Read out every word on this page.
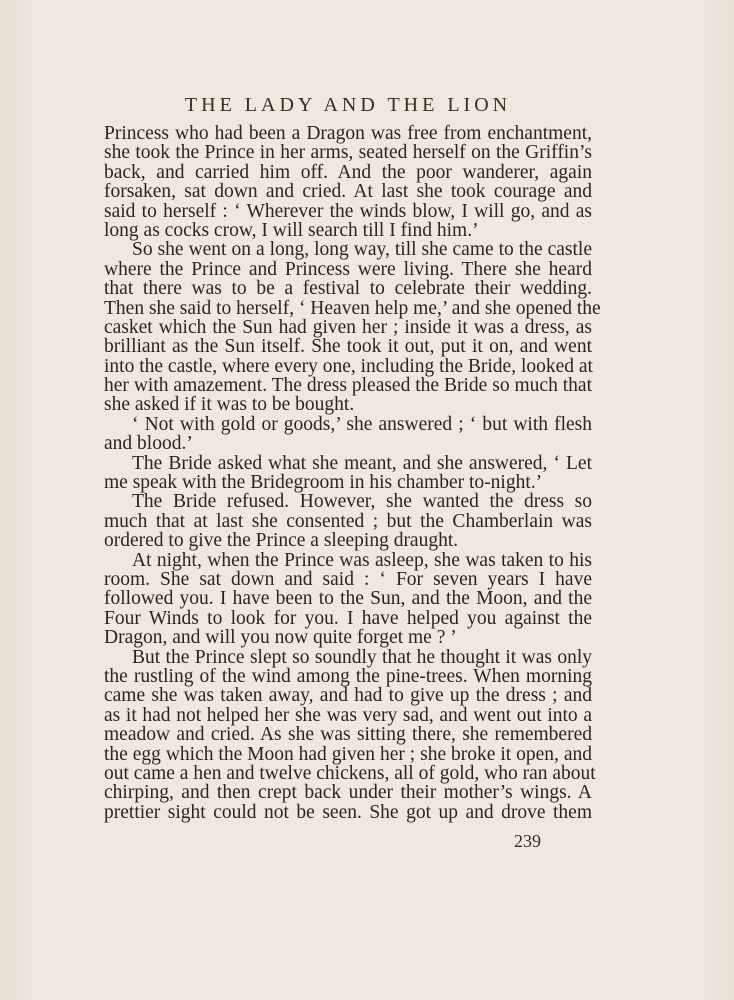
THE LADY AND THE LION
Princess who had been a Dragon was free from enchantment,
she took the Prince in her arms, seated herself on the Griffin’s
back, and carried him off. And the poor wanderer, again
forsaken, sat down and cried. At last she took courage and
said to herself : ‘ Wherever the winds blow, I will go, and as
long as cocks crow, I will search till I find him.’
So she went on a long, long way, till she came to the castle
where the Prince and Princess were living. There she heard
that there was to be a festival to celebrate their wedding.
Then she said to herself, ‘ Heaven help me,’ and she opened the
casket which the Sun had given her ; inside it was a dress, as
brilliant as the Sun itself. She took it out, put it on, and went
into the castle, where every one, including the Bride, looked at
her with amazement. The dress pleased the Bride so much that
she asked if it was to be bought.
‘ Not with gold or goods,’ she answered ; ‘ but with flesh
and blood.’
The Bride asked what she meant, and she answered, ‘ Let
me speak with the Bridegroom in his chamber to-night.’
The Bride refused. However, she wanted the dress so
much that at last she consented ; but the Chamberlain was
ordered to give the Prince a sleeping draught.
At night, when the Prince was asleep, she was taken to his
room. She sat down and said : ‘ For seven years I have
followed you. I have been to the Sun, and the Moon, and the
Four Winds to look for you. I have helped you against the
Dragon, and will you now quite forget me ? ’
But the Prince slept so soundly that he thought it was only
the rustling of the wind among the pine-trees. When morning
came she was taken away, and had to give up the dress ; and
as it had not helped her she was very sad, and went out into a
meadow and cried. As she was sitting there, she remembered
the egg which the Moon had given her ; she broke it open, and
out came a hen and twelve chickens, all of gold, who ran about
chirping, and then crept back under their mother’s wings. A
prettier sight could not be seen. She got up and drove them
239
